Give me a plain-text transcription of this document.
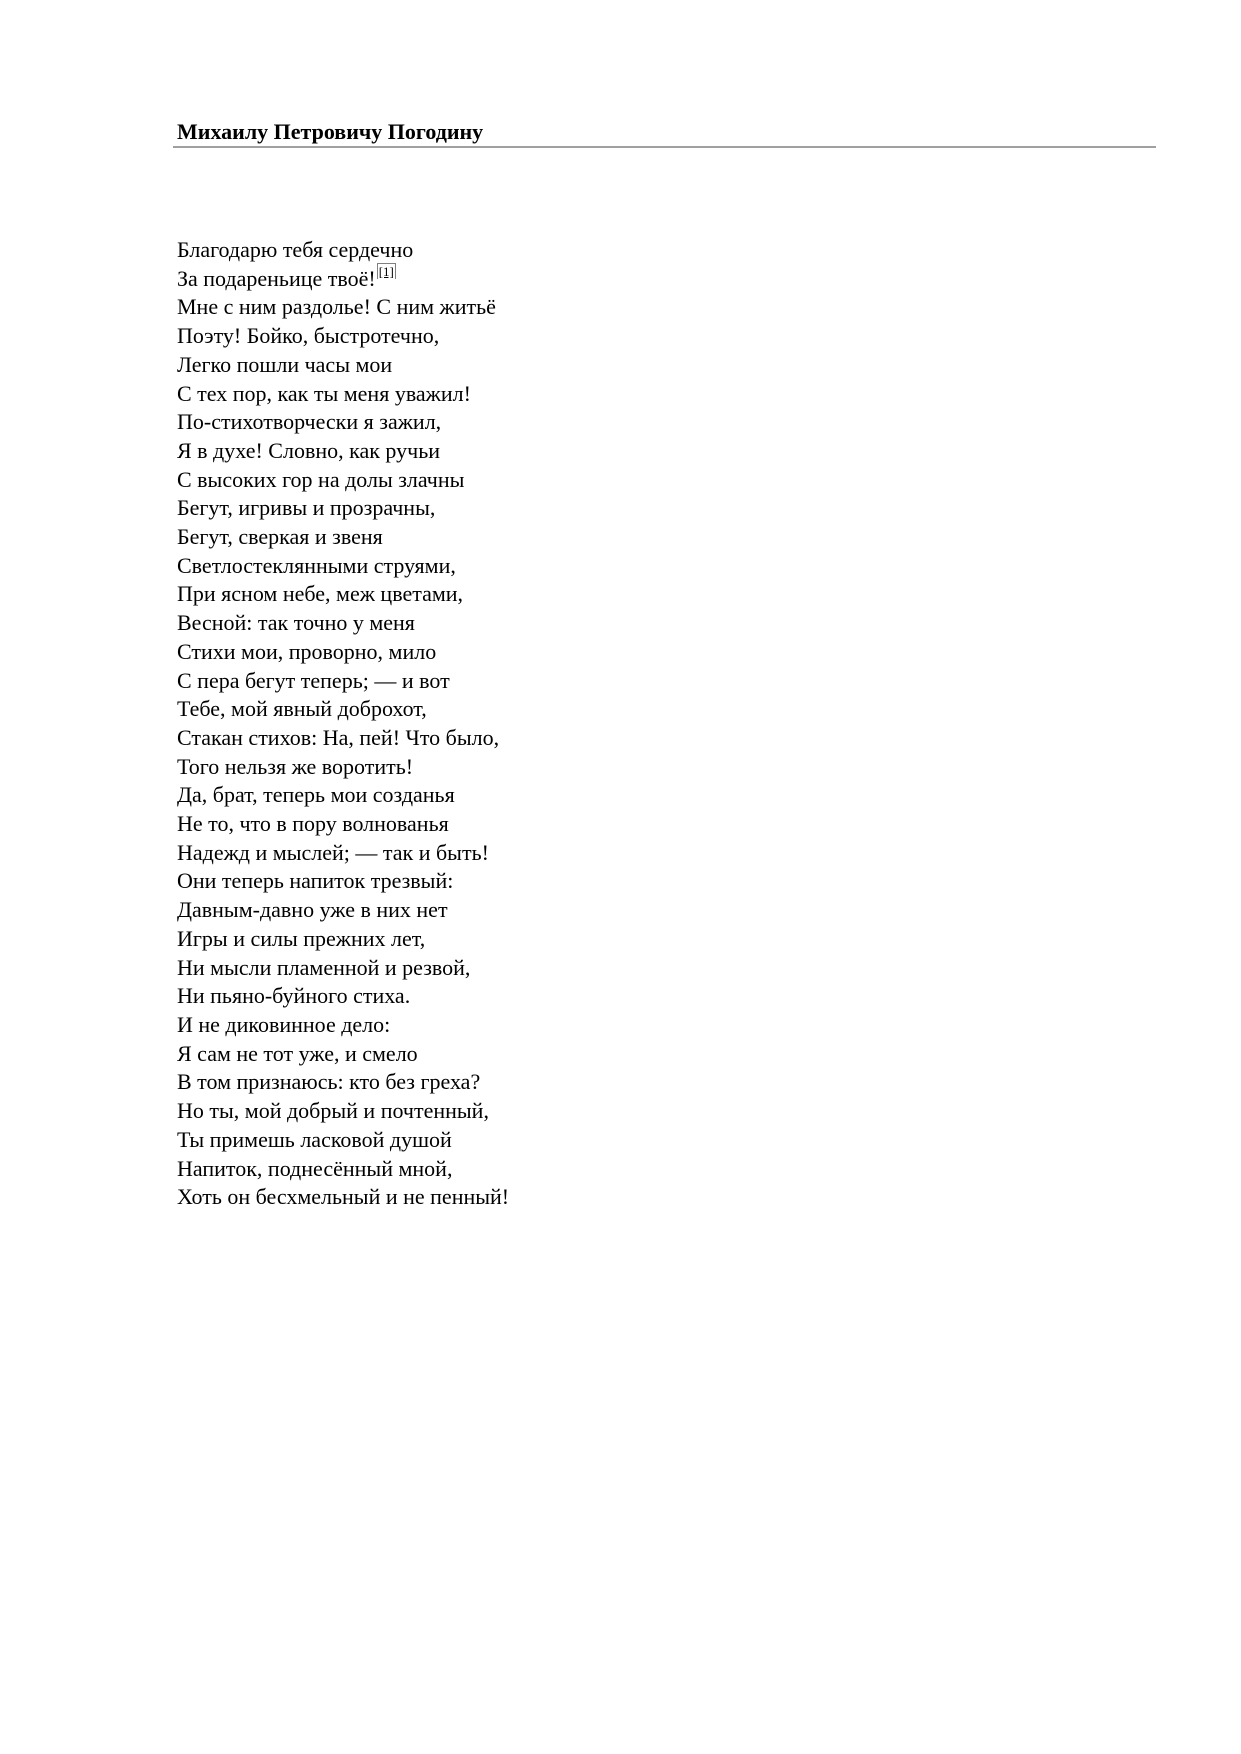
Михаилу Петровичу Погодину
Благодарю тебя сердечно
За подареньице твоё! [1]
Мне с ним раздолье! С ним житьё
Поэту! Бойко, быстротечно,
Легко пошли часы мои
С тех пор, как ты меня уважил!
По-стихотворчески я зажил,
Я в духе! Словно, как ручьи
С высоких гор на долы злачны
Бегут, игривы и прозрачны,
Бегут, сверкая и звеня
Светлостеклянными струями,
При ясном небе, меж цветами,
Весной: так точно у меня
Стихи мои, проворно, мило
С пера бегут теперь; — и вот
Тебе, мой явный доброхот,
Стакан стихов: На, пей! Что было,
Того нельзя же воротить!
Да, брат, теперь мои созданья
Не то, что в пору волнованья
Надежд и мыслей; — так и быть!
Они теперь напиток трезвый:
Давным-давно уже в них нет
Игры и силы прежних лет,
Ни мысли пламенной и резвой,
Ни пьяно-буйного стиха.
И не диковинное дело:
Я сам не тот уже, и смело
В том признаюсь: кто без греха?
Но ты, мой добрый и почтенный,
Ты примешь ласковой душой
Напиток, поднесённый мной,
Хоть он бесхмельный и не пенный!
